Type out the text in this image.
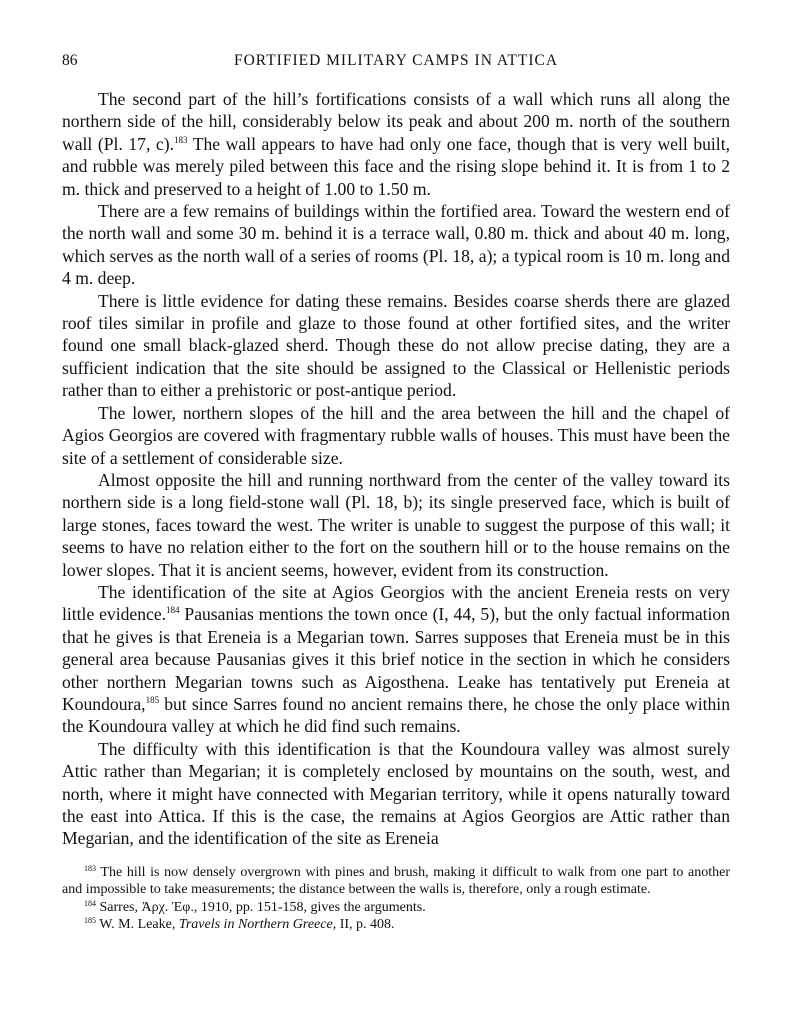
86	FORTIFIED MILITARY CAMPS IN ATTICA

The second part of the hill’s fortifications consists of a wall which runs all along the northern side of the hill, considerably below its peak and about 200 m. north of the southern wall (Pl. 17, c).$^{183}$ The wall appears to have had only one face, though that is very well built, and rubble was merely piled between this face and the rising slope behind it. It is from 1 to 2 m. thick and preserved to a height of 1.00 to 1.50 m.

There are a few remains of buildings within the fortified area. Toward the western end of the north wall and some 30 m. behind it is a terrace wall, 0.80 m. thick and about 40 m. long, which serves as the north wall of a series of rooms (Pl. 18, a); a typical room is 10 m. long and 4 m. deep.

There is little evidence for dating these remains. Besides coarse sherds there are glazed roof tiles similar in profile and glaze to those found at other fortified sites, and the writer found one small black-glazed sherd. Though these do not allow precise dating, they are a sufficient indication that the site should be assigned to the Classical or Hellenistic periods rather than to either a prehistoric or post-antique period.

The lower, northern slopes of the hill and the area between the hill and the chapel of Agios Georgios are covered with fragmentary rubble walls of houses. This must have been the site of a settlement of considerable size.

Almost opposite the hill and running northward from the center of the valley toward its northern side is a long field-stone wall (Pl. 18, b); its single preserved face, which is built of large stones, faces toward the west. The writer is unable to suggest the purpose of this wall; it seems to have no relation either to the fort on the southern hill or to the house remains on the lower slopes. That it is ancient seems, however, evident from its construction.

The identification of the site at Agios Georgios with the ancient Ereneia rests on very little evidence.$^{184}$ Pausanias mentions the town once (I, 44, 5), but the only factual information that he gives is that Ereneia is a Megarian town. Sarres supposes that Ereneia must be in this general area because Pausanias gives it this brief notice in the section in which he considers other northern Megarian towns such as Aigosthena. Leake has tentatively put Ereneia at Koundoura,$^{185}$ but since Sarres found no ancient remains there, he chose the only place within the Koundoura valley at which he did find such remains.

The difficulty with this identification is that the Koundoura valley was almost surely Attic rather than Megarian; it is completely enclosed by mountains on the south, west, and north, where it might have connected with Megarian territory, while it opens naturally toward the east into Attica. If this is the case, the remains at Agios Georgios are Attic rather than Megarian, and the identification of the site as Ereneia

$^{183}$ The hill is now densely overgrown with pines and brush, making it difficult to walk from one part to another and impossible to take measurements; the distance between the walls is, therefore, only a rough estimate.

$^{184}$ Sarres, Ἀρχ. Ἐφ., 1910, pp. 151-158, gives the arguments.

$^{185}$ W. M. Leake, Travels in Northern Greece, II, p. 408.
